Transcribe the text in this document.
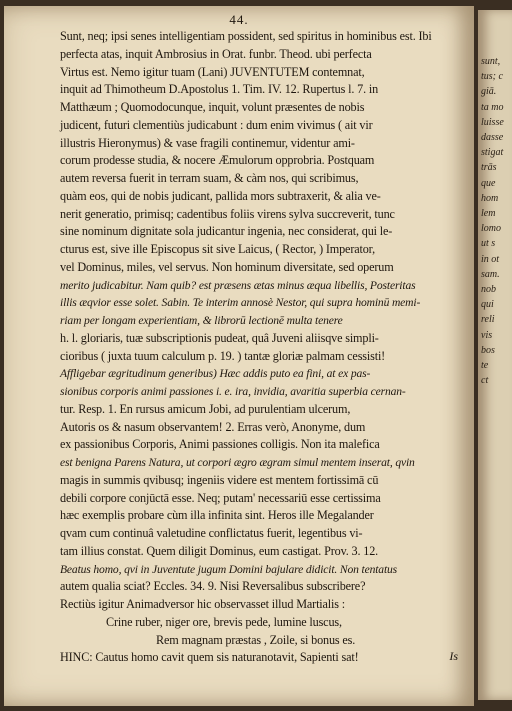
44.
Sunt, neq; ipsi senes intelligentiam possident, sed spiritus in hominibus est. Ibi
perfecta atas, inquit Ambrosius in Orat. funbr. Theod. ubi perfecta
Virtus est. Nemo igitur tuam (Lani) JUVENTUTEM contemnat,
inquit ad Thimotheum D.Apostolus 1. Tim. IV. 12. Rupertus l. 7. in
Matthæum ; Quomodocunque, inquit, volunt præsentes de nobis
judicent, futuri clementiùs judicabunt : dum enim vivimus ( ait vir
illustris Hieronymus) & vase fragili continemur, videntur ami-
corum prodesse studia, & nocere Æmulorum opprobria. Postquam
autem reversa fuerit in terram suam, & càm nos, qui scribimus,
quàm eos, qui de nobis judicant, pallida mors subtraxerit, & alia ve-
nerit generatio, primisq; cadentibus foliis virens sylva succreverit, tunc
sine nominum dignitate sola judicantur ingenia, nec considerat, qui le-
cturus est, sive ille Episcopus sit sive Laicus, ( Rector, ) Imperator,
vel Dominus, miles, vel servus. Non hominum diversitate, sed operum
merito judicabitur. Nam quib? est præsens ætas minus æqua libellis, Posteritas
illis æqvior esse solet. Sabin. Te interim annosè Nestor, qui supra hominū memi-
riam per longam experientiam, & librorū lectionē multa tenere
h. l. gloriaris, tuæ subscriptionis pudeat, quâ Juveni aliisqve simpli-
cioribus ( juxta tuum calculum p. 19. ) tantæ gloriæ palmam cessisti!
Affligebar ægritudinum generibus) Hæc addis puto ea fini, at ex pas-
sionibus corporis animi passiones i. e. ira, invidia, avaritia superbia cernan-
tur. Resp. 1. En rursus amicum Jobi, ad purulentiam ulcerum,
Autoris os & nasum observantem! 2. Erras verò, Anonyme, dum
ex passionibus Corporis, Animi passiones colligis. Non ita malefica
est benigna Parens Natura, ut corpori ægro ægram simul mentem inserat, qvin
magis in summis qvibusq; ingeniis videre est mentem fortissimā cū
debili corpore conjūctā esse. Neq; putam' necessariū esse certissima
hæc exemplis probare cùm illa infinita sint. Heros ille Megalander
qvam cum continuâ valetudine conflictatus fuerit, legentibus vi-
tam illius constat. Quem diligit Dominus, eum castigat. Prov. 3. 12.
Beatus homo, qvi in Juventute jugum Domini bajulare didicit. Non tentatus
autem qualia sciat? Eccles. 34. 9. Nisi Reversalibus subscribere?
Rectiùs igitur Animadversor hic observasset illud Martialis :
Crine ruber, niger ore, brevis pede, lumine luscus,
Rem magnam præstas , Zoile, si bonus es.
HINC: Cautus homo cavit quem sis naturanotavit, Sapienti sat!	Is
sunt,
tus; c
giā.
ta mo
luisse
dasse
stigat
trās
que
hom
lem
lomo
ut s
in ot
sam.
nob
qui
reli
vis
bos
te
ct
